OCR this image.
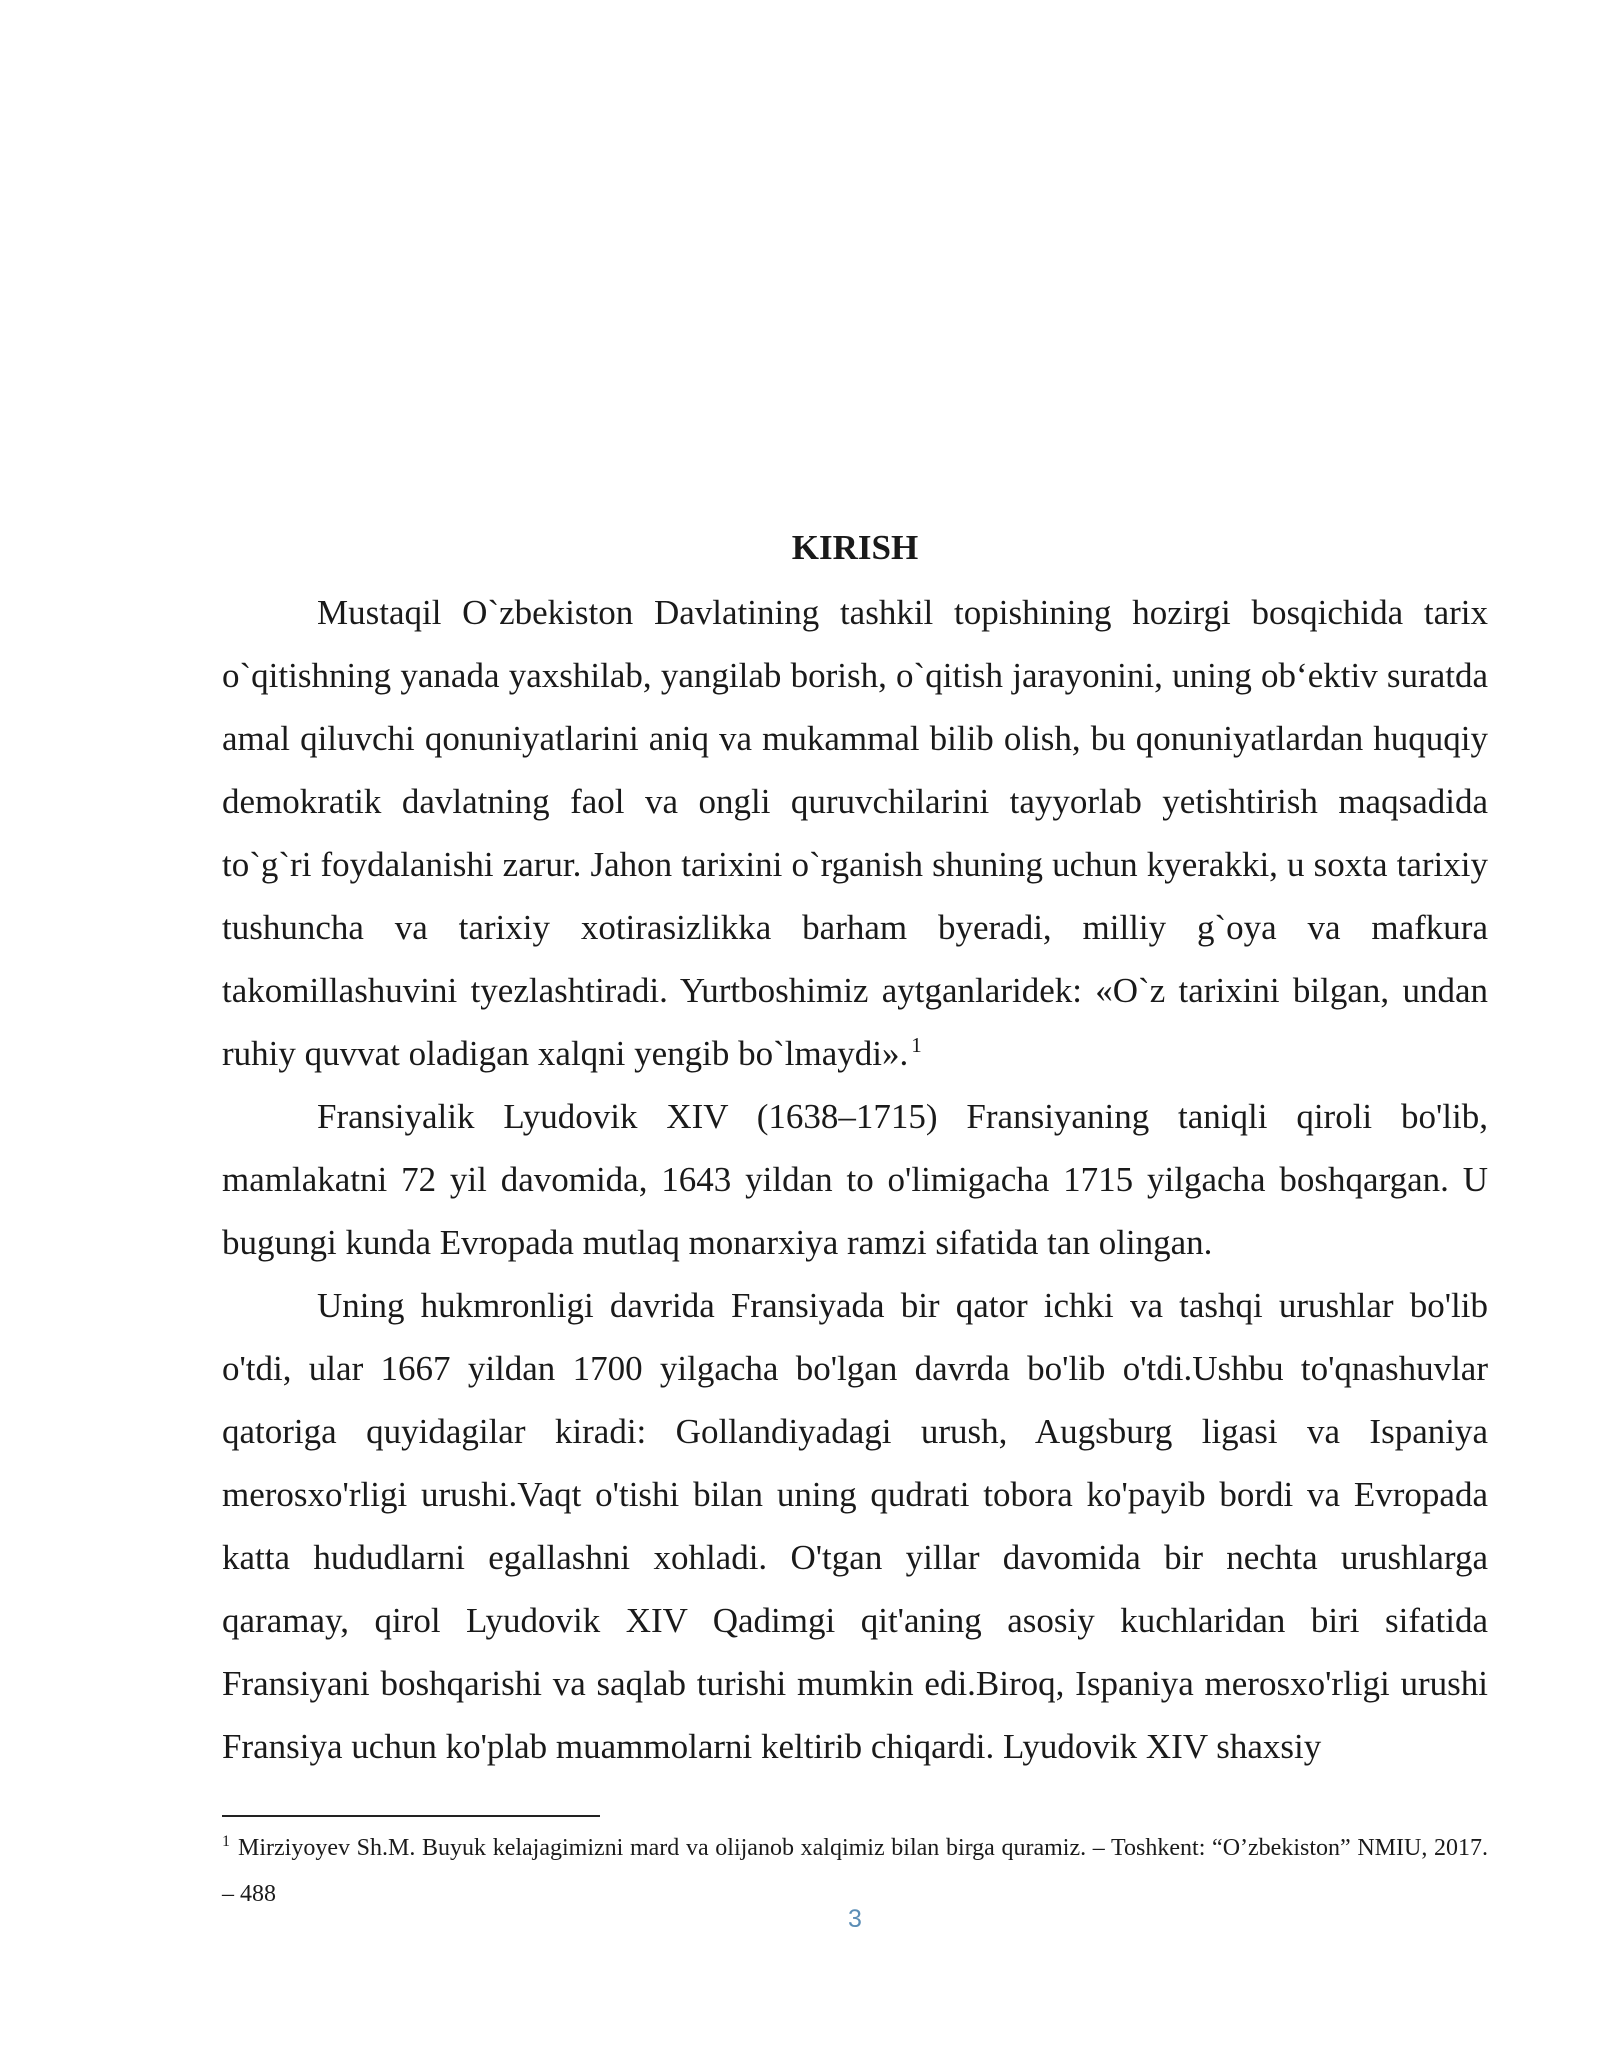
KIRISH

Mustaqil O`zbekiston Davlatining tashkil topishining hozirgi bosqichida tarix o`qitishning yanada yaxshilab, yangilab borish, o`qitish jarayonini, uning ob‘ektiv suratda amal qiluvchi qonuniyatlarini aniq va mukammal bilib olish, bu qonuniyatlardan huquqiy demokratik davlatning faol va ongli quruvchilarini tayyorlab yetishtirish maqsadida to`g`ri foydalanishi zarur. Jahon tarixini o`rganish shuning uchun kyerakki, u soxta tarixiy tushuncha va tarixiy xotirasizlikka barham byeradi, milliy g`oya va mafkura takomillashuvini tyezlashtiradi. Yurtboshimiz aytganlaridek: «O`z tarixini bilgan, undan ruhiy quvvat oladigan xalqni yengib bo`lmaydi». $^1$

Fransiyalik Lyudovik XIV (1638–1715) Fransiyaning taniqli qiroli bo'lib, mamlakatni 72 yil davomida, 1643 yildan to o'limigacha 1715 yilgacha boshqargan. U bugungi kunda Evropada mutlaq monarxiya ramzi sifatida tan olingan.

Uning hukmronligi davrida Fransiyada bir qator ichki va tashqi urushlar bo'lib o'tdi, ular 1667 yildan 1700 yilgacha bo'lgan davrda bo'lib o'tdi.Ushbu to'qnashuvlar qatoriga quyidagilar kiradi: Gollandiyadagi urush, Augsburg ligasi va Ispaniya merosxo'rligi urushi.Vaqt o'tishi bilan uning qudrati tobora ko'payib bordi va Evropada katta hududlarni egallashni xohladi. O'tgan yillar davomida bir nechta urushlarga qaramay, qirol Lyudovik XIV Qadimgi qit'aning asosiy kuchlaridan biri sifatida Fransiyani boshqarishi va saqlab turishi mumkin edi.Biroq, Ispaniya merosxo'rligi urushi Fransiya uchun ko'plab muammolarni keltirib chiqardi. Lyudovik XIV shaxsiy

$^1$ Mirziyoyev Sh.M. Buyuk kelajagimizni mard va olijanob xalqimiz bilan birga quramiz. – Toshkent: “O’zbekiston” NMIU, 2017. – 488

3
